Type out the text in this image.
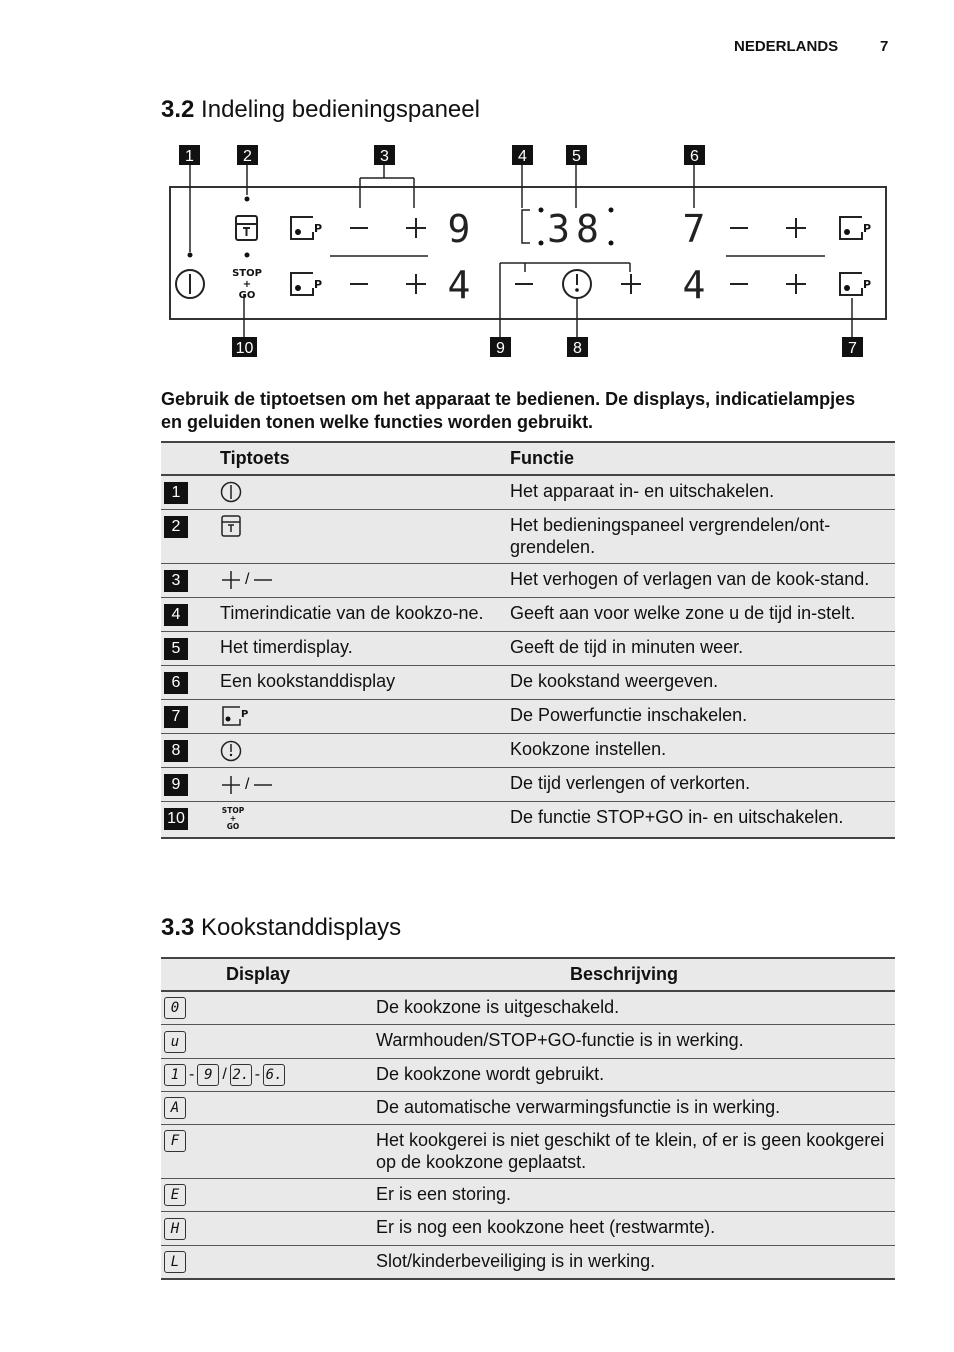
NEDERLANDS	7
3.2 Indeling bedieningspaneel
1	2	3	4	5	6
10	9	8	7
STOP
+
GO
P
P
P
P
9
4
38 7
4
Gebruik de tiptoetsen om het apparaat te bedienen. De displays, indicatielampjes en geluiden tonen welke functies worden gebruikt.
	Tiptoets	Functie
1		Het apparaat in- en uitschakelen.
2		Het bedieningspaneel vergrendelen/ont-grendelen.
3	/	Het verhogen of verlagen van de kook-stand.
4	Timerindicatie van de kookzo-ne.	Geeft aan voor welke zone u de tijd in-stelt.
5	Het timerdisplay.	Geeft de tijd in minuten weer.
6	Een kookstanddisplay	De kookstand weergeven.
7	P	De Powerfunctie inschakelen.
8		Kookzone instellen.
9	/	De tijd verlengen of verkorten.
10	STOP
+
GO	De functie STOP+GO in- en uitschakelen.
3.3 Kookstanddisplays
Display	Beschrijving
0	De kookzone is uitgeschakeld.
u	Warmhouden/STOP+GO-functie is in werking.
1 - 9 / 2. - 6.	De kookzone wordt gebruikt.
A	De automatische verwarmingsfunctie is in werking.
F	Het kookgerei is niet geschikt of te klein, of er is geen kookgerei op de kookzone geplaatst.
E	Er is een storing.
H	Er is nog een kookzone heet (restwarmte).
L	Slot/kinderbeveiliging is in werking.
